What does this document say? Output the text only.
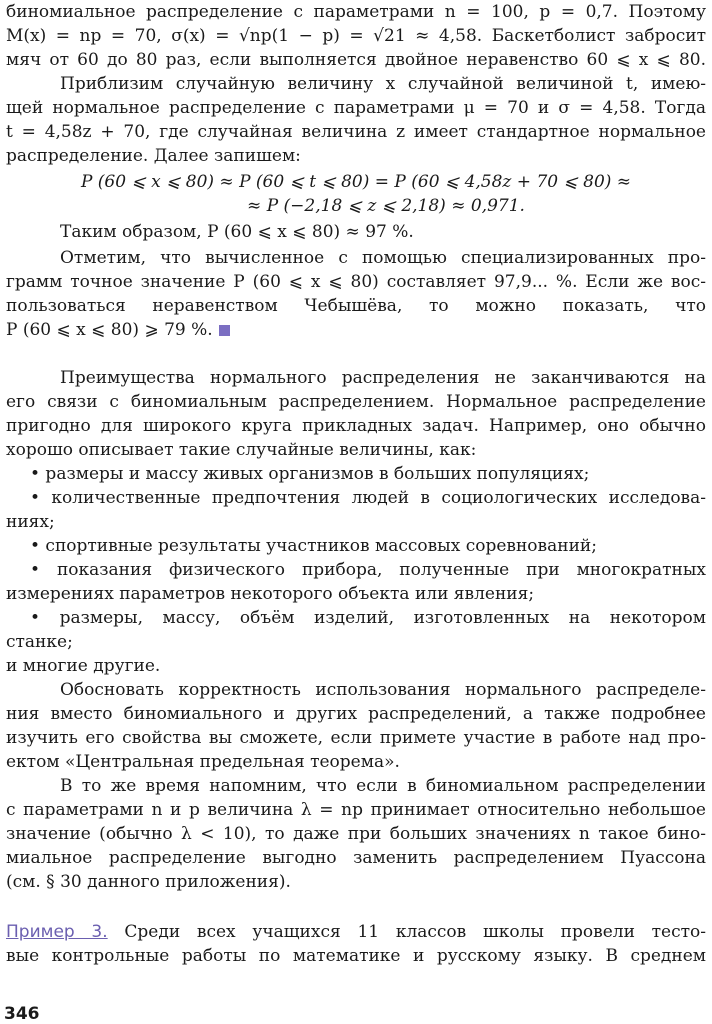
биномиальное распределение с параметрами n = 100, p = 0,7. Поэтому
M(x) = np = 70, σ(x) = √np(1 − p) = √21 ≈ 4,58. Баскетболист забросит
мяч от 60 до 80 раз, если выполняется двойное неравенство 60 ⩽ x ⩽ 80.
Приблизим случайную величину x случайной величиной t, имею-
щей нормальное распределение с параметрами μ = 70 и σ = 4,58. Тогда
t = 4,58z + 70, где случайная величина z имеет стандартное нормальное
распределение. Далее запишем:
P (60 ⩽ x ⩽ 80) ≈ P (60 ⩽ t ⩽ 80) = P (60 ⩽ 4,58z + 70 ⩽ 80) ≈
≈ P (−2,18 ⩽ z ⩽ 2,18) ≈ 0,971.
Таким образом, P (60 ⩽ x ⩽ 80) ≈ 97 %.
Отметим, что вычисленное с помощью специализированных про-
грамм точное значение P (60 ⩽ x ⩽ 80) составляет 97,9... %. Если же вос-
пользоваться неравенством Чебышёва, то можно показать, что
P (60 ⩽ x ⩽ 80) ⩾ 79 %.
Преимущества нормального распределения не заканчиваются на
его связи с биномиальным распределением. Нормальное распределение
пригодно для широкого круга прикладных задач. Например, оно обычно
хорошо описывает такие случайные величины, как:
• размеры и массу живых организмов в больших популяциях;
• количественные предпочтения людей в социологических исследова-
ниях;
• спортивные результаты участников массовых соревнований;
• показания физического прибора, полученные при многократных
измерениях параметров некоторого объекта или явления;
• размеры, массу, объём изделий, изготовленных на некотором
станке;
и многие другие.
Обосновать корректность использования нормального распределе-
ния вместо биномиального и других распределений, а также подробнее
изучить его свойства вы сможете, если примете участие в работе над про-
ектом «Центральная предельная теорема».
В то же время напомним, что если в биномиальном распределении
с параметрами n и p величина λ = np принимает относительно небольшое
значение (обычно λ < 10), то даже при больших значениях n такое бино-
миальное распределение выгодно заменить распределением Пуассона
(см. § 30 данного приложения).
Пример 3. Среди всех учащихся 11 классов школы провели тесто-
вые контрольные работы по математике и русскому языку. В среднем
346
